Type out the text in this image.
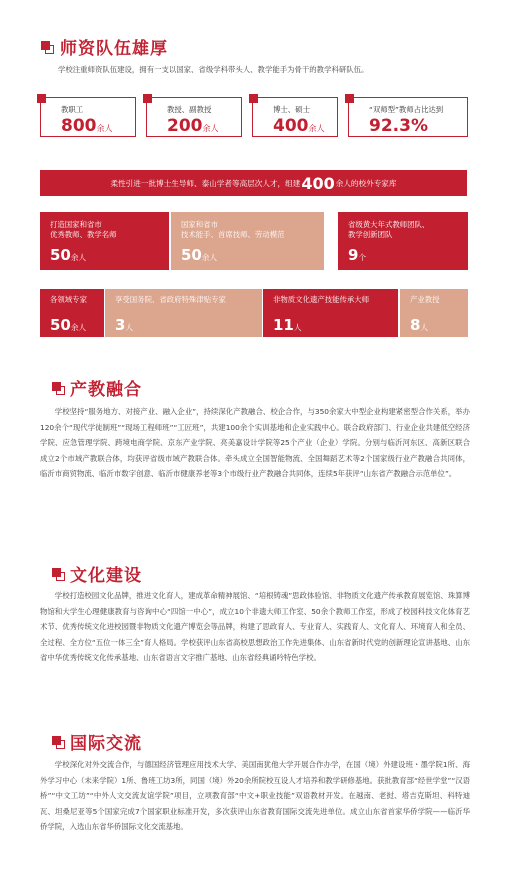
师资队伍雄厚
学校注重师资队伍建设，拥有一支以国家、省级学科带头人、教学能手为骨干的教学科研队伍。
教职工
800余人
教授、副教授
200余人
博士、硕士
400余人
“双师型”教师占比达到
92.3%
柔性引进一批博士生导师、泰山学者等高层次人才，组建 400 余人的校外专家库
打造国家和省市
优秀教师、教学名师
50余人
国家和省市
技术能手、首席技师、劳动模范
50余人
省级黄大年式教师团队、
教学创新团队
9个
各领域专家
50余人
享受国务院、省政府特殊津贴专家
3人
非物质文化遗产技能传承大师
11人
产业教授
8人
产教融合
学校坚持“服务地方、对接产业、融入企业”，持续深化产教融合、校企合作，与350余家大中型企业构建紧密型合作关系，举办120余个“现代学徒制班”“现场工程师班”“工匠班”，共建100余个实训基地和企业实践中心。联合政府部门、行业企业共建低空经济学院、应急管理学院、跨境电商学院、京东产业学院、亮美嘉设计学院等25个产业（企业）学院。分别与临沂河东区、高新区联合成立2个市域产教联合体，均获评省级市域产教联合体。牵头成立全国智能物流、全国舞蹈艺术等2个国家级行业产教融合共同体，临沂市商贸物流、临沂市数字创意、临沂市健康养老等3个市级行业产教融合共同体，连续5年获评“山东省产教融合示范单位”。
文化建设
学校打造校园文化品牌，推进文化育人，建成革命精神展馆、“培根铸魂”思政体验馆、非物质文化遗产传承教育展览馆、珠算博物馆和大学生心理健康教育与咨询中心“四馆一中心”，成立10个非遗大师工作室、50余个教师工作室，形成了校园科技文化体育艺术节、优秀传统文化进校园暨非物质文化遗产博览会等品牌，构建了思政育人、专业育人、实践育人、文化育人、环境育人和全员、全过程、全方位“五位一体三全”育人格局。学校获评山东省高校思想政治工作先进集体、山东省新时代党的创新理论宣讲基地、山东省中华优秀传统文化传承基地、山东省语言文字推广基地、山东省经典诵吟特色学校。
国际交流
学校深化对外交流合作，与德国经济管理应用技术大学、美国南犹他大学开展合作办学，在国（境）外建设班・墨学院1所、海外学习中心（未来学院）1所、鲁班工坊3所，同国（境）外20余所院校互设人才培养和教学研修基地。获批教育部“经世学堂”“汉语桥”“中文工坊”“中外人文交流友谊学院”项目，立项教育部“中文+职业技能”双语教材开发。在越南、老挝、塔吉克斯坦、科特迪瓦、坦桑尼亚等5个国家完成7个国家职业标准开发，多次获评山东省教育国际交流先进单位。成立山东省首家华侨学院——临沂华侨学院，入选山东省华侨国际文化交流基地。
